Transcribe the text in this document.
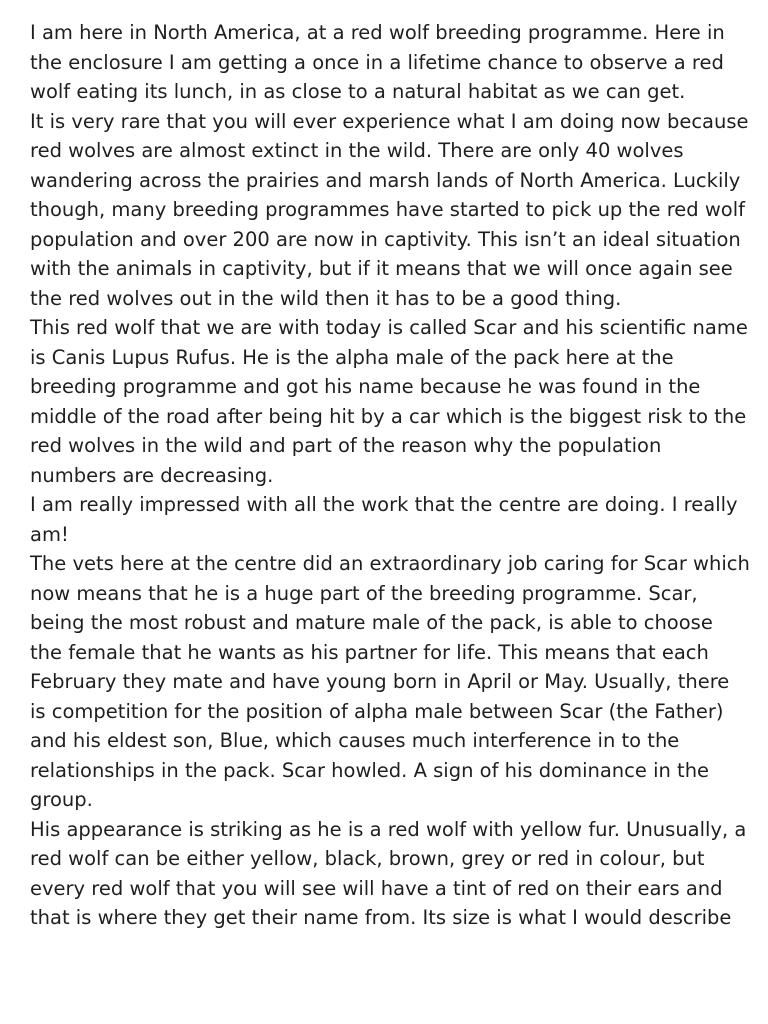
I am here in North America, at a red wolf breeding programme. Here in the enclosure I am getting a once in a lifetime chance to observe a red wolf eating its lunch, in as close to a natural habitat as we can get.

It is very rare that you will ever experience what I am doing now because red wolves are almost extinct in the wild. There are only 40 wolves wandering across the prairies and marsh lands of North America. Luckily though, many breeding programmes have started to pick up the red wolf population and over 200 are now in captivity. This isn’t an ideal situation with the animals in captivity, but if it means that we will once again see the red wolves out in the wild then it has to be a good thing.

This red wolf that we are with today is called Scar and his scientific name is Canis Lupus Rufus. He is the alpha male of the pack here at the breeding programme and got his name because he was found in the middle of the road after being hit by a car which is the biggest risk to the red wolves in the wild and part of the reason why the population numbers are decreasing.

I am really impressed with all the work that the centre are doing. I really am!

The vets here at the centre did an extraordinary job caring for Scar which now means that he is a huge part of the breeding programme. Scar, being the most robust and mature male of the pack, is able to choose the female that he wants as his partner for life. This means that each February they mate and have young born in April or May. Usually, there is competition for the position of alpha male between Scar (the Father) and his eldest son, Blue, which causes much interference in to the relationships in the pack. Scar howled. A sign of his dominance in the group.

His appearance is striking as he is a red wolf with yellow fur. Unusually, a red wolf can be either yellow, black, brown, grey or red in colour, but every red wolf that you will see will have a tint of red on their ears and that is where they get their name from. Its size is what I would describe
